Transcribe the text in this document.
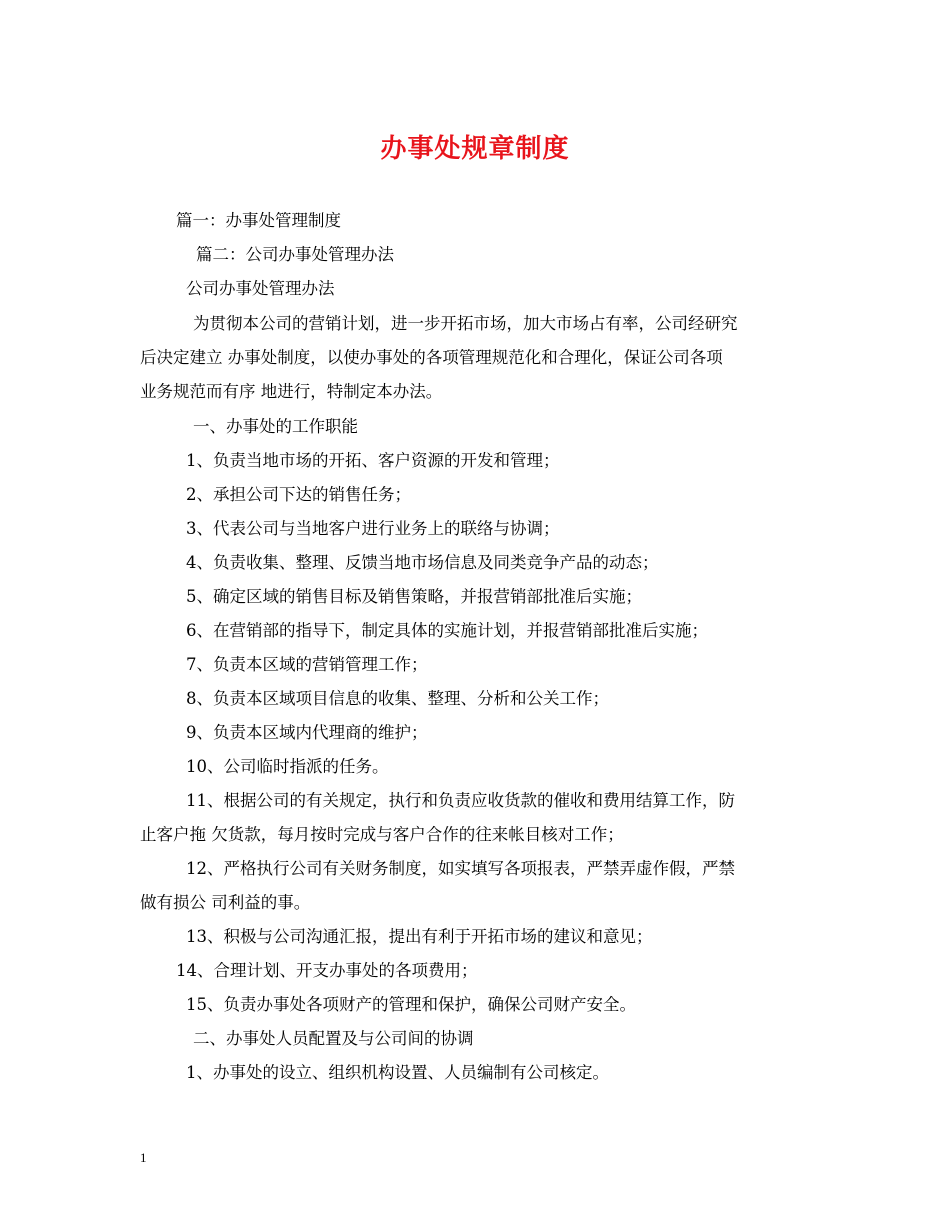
办事处规章制度
篇一：办事处管理制度
篇二：公司办事处管理办法
公司办事处管理办法
为贯彻本公司的营销计划，进一步开拓市场，加大市场占有率，公司经研究
后决定建立 办事处制度，以使办事处的各项管理规范化和合理化，保证公司各项
业务规范而有序 地进行，特制定本办法。
一、办事处的工作职能
1、负责当地市场的开拓、客户资源的开发和管理；
2、承担公司下达的销售任务；
3、代表公司与当地客户进行业务上的联络与协调；
4、负责收集、整理、反馈当地市场信息及同类竞争产品的动态；
5、确定区域的销售目标及销售策略，并报营销部批准后实施；
6、在营销部的指导下，制定具体的实施计划，并报营销部批准后实施；
7、负责本区域的营销管理工作；
8、负责本区域项目信息的收集、整理、分析和公关工作；
9、负责本区域内代理商的维护；
10、公司临时指派的任务。
11、根据公司的有关规定，执行和负责应收货款的催收和费用结算工作，防
止客户拖 欠货款，每月按时完成与客户合作的往来帐目核对工作；
12、严格执行公司有关财务制度，如实填写各项报表，严禁弄虚作假，严禁
做有损公 司利益的事。
13、积极与公司沟通汇报，提出有利于开拓市场的建议和意见；
14、合理计划、开支办事处的各项费用；
15、负责办事处各项财产的管理和保护，确保公司财产安全。
二、办事处人员配置及与公司间的协调
1、办事处的设立、组织机构设置、人员编制有公司核定。
1
